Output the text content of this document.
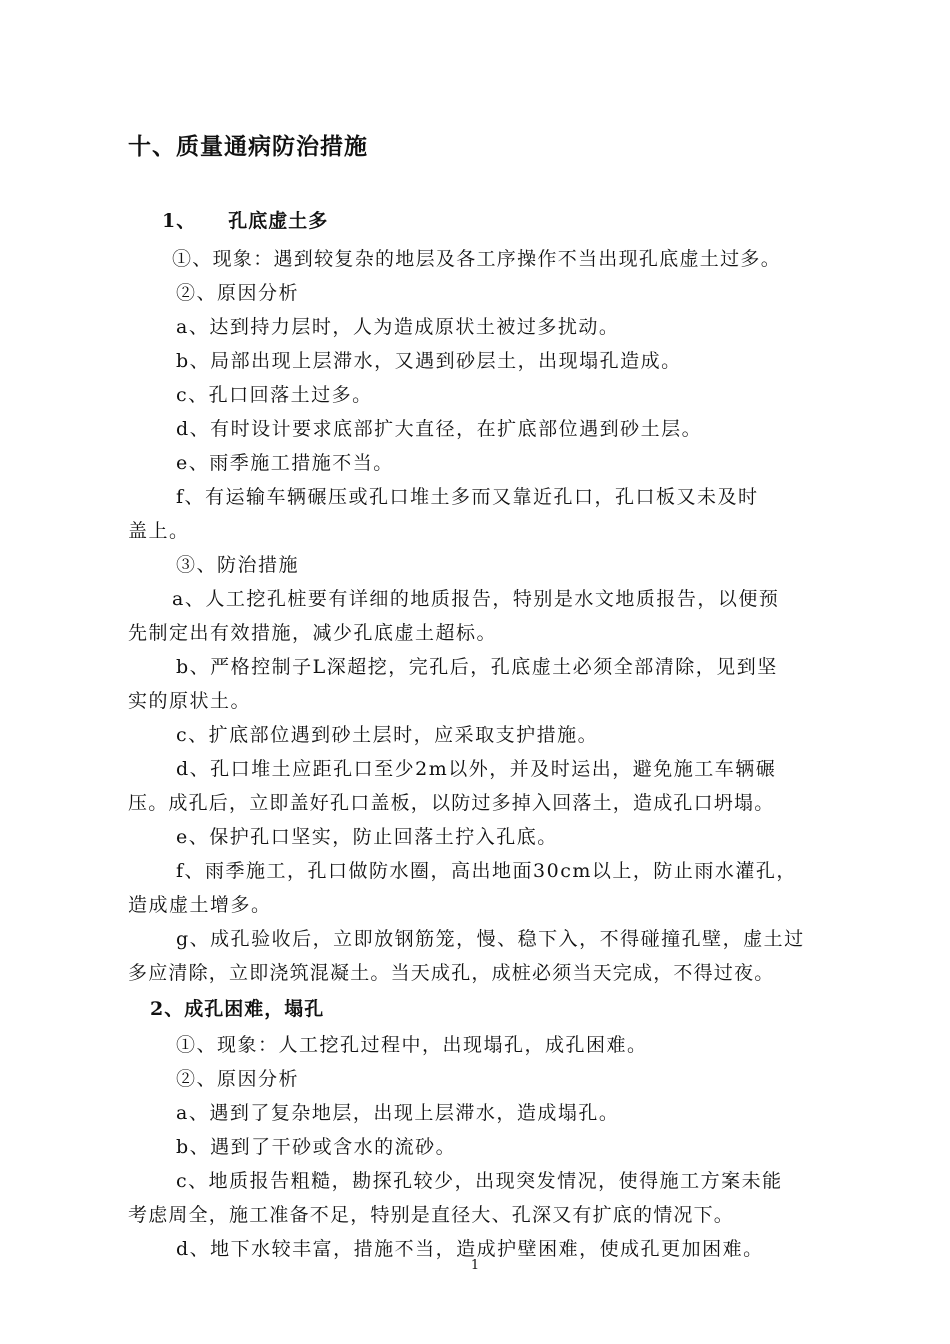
十、质量通病防治措施
1、 孔底虚土多
①、现象：遇到较复杂的地层及各工序操作不当出现孔底虚土过多。
②、原因分析
a、达到持力层时，人为造成原状土被过多扰动。
b、局部出现上层滞水，又遇到砂层土，出现塌孔造成。
c、孔口回落土过多。
d、有时设计要求底部扩大直径，在扩底部位遇到砂土层。
e、雨季施工措施不当。
f、有运输车辆碾压或孔口堆土多而又靠近孔口，孔口板又未及时
盖上。
③、防治措施
a、人工挖孔桩要有详细的地质报告，特别是水文地质报告，以便预
先制定出有效措施，减少孔底虚土超标。
b、严格控制子L深超挖，完孔后，孔底虚土必须全部清除，见到坚
实的原状土。
c、扩底部位遇到砂土层时，应采取支护措施。
d、孔口堆土应距孔口至少2m以外，并及时运出，避免施工车辆碾
压。成孔后，立即盖好孔口盖板，以防过多掉入回落土，造成孔口坍塌。
e、保护孔口坚实，防止回落土拧入孔底。
f、雨季施工，孔口做防水圈，高出地面30cm以上，防止雨水灌孔，
造成虚土增多。
g、成孔验收后，立即放钢筋笼，慢、稳下入，不得碰撞孔壁，虚土过
多应清除，立即浇筑混凝土。当天成孔，成桩必须当天完成，不得过夜。
2、成孔困难，塌孔
①、现象：人工挖孔过程中，出现塌孔，成孔困难。
②、原因分析
a、遇到了复杂地层，出现上层滞水，造成塌孔。
b、遇到了干砂或含水的流砂。
c、地质报告粗糙，勘探孔较少，出现突发情况，使得施工方案未能
考虑周全，施工准备不足，特别是直径大、孔深又有扩底的情况下。
d、地下水较丰富，措施不当，造成护壁困难，使成孔更加困难。
1
